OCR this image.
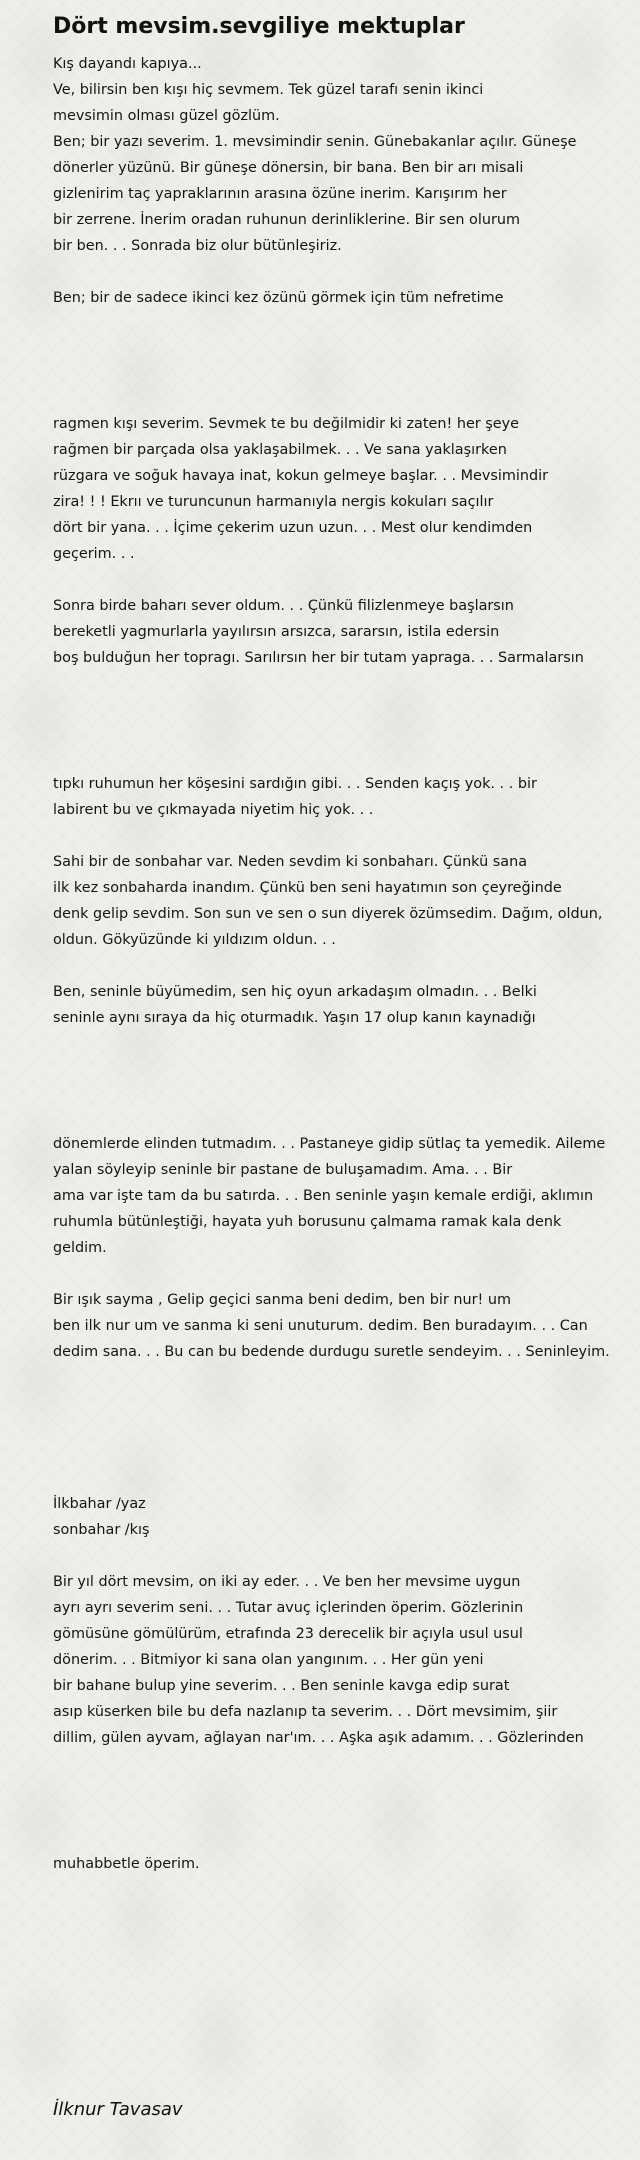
Dört mevsim.sevgiliye mektuplar

Kış dayandı kapıya...

Ve, bilirsin ben kışı hiç sevmem. Tek güzel tarafı senin ikinci

mevsimin olması güzel gözlüm.

Ben; bir yazı severim. 1. mevsimindir senin. Günebakanlar açılır. Güneşe

dönerler yüzünü. Bir güneşe dönersin, bir bana. Ben bir arı misali

gizlenirim taç yapraklarının arasına özüne inerim. Karışırım her

bir zerrene. İnerim oradan ruhunun derinliklerine. Bir sen olurum

bir ben. . . Sonrada biz olur bütünleşiriz.

Ben; bir de sadece ikinci kez özünü görmek için tüm nefretime

ragmen kışı severim. Sevmek te bu değilmidir ki zaten! her şeye

rağmen bir parçada olsa yaklaşabilmek. . . Ve sana yaklaşırken

rüzgara ve soğuk havaya inat, kokun gelmeye başlar. . . Mevsimindir

zira! ! ! Ekrıı ve turuncunun harmanıyla nergis kokuları saçılır

dört bir yana. . . İçime çekerim uzun uzun. . . Mest olur kendimden

geçerim. . .

Sonra birde baharı sever oldum. . . Çünkü filizlenmeye başlarsın

bereketli yagmurlarla yayılırsın arsızca, sararsın, istila edersin

boş bulduğun her topragı. Sarılırsın her bir tutam yapraga. . . Sarmalarsın

tıpkı ruhumun her köşesini sardığın gibi. . . Senden kaçış yok. . . bir

labirent bu ve çıkmayada niyetim hiç yok. . .

Sahi bir de sonbahar var. Neden sevdim ki sonbaharı. Çünkü sana

ilk kez sonbaharda inandım. Çünkü ben seni hayatımın son çeyreğinde

denk gelip sevdim. Son sun ve sen o sun diyerek özümsedim. Dağım, oldun,

oldun. Gökyüzünde ki yıldızım oldun. . .

Ben, seninle büyümedim, sen hiç oyun arkadaşım olmadın. . . Belki

seninle aynı sıraya da hiç oturmadık. Yaşın 17 olup kanın kaynadığı

dönemlerde elinden tutmadım. . . Pastaneye gidip sütlaç ta yemedik. Aileme

yalan söyleyip seninle bir pastane de buluşamadım. Ama. . . Bir

ama var işte tam da bu satırda. . . Ben seninle yaşın kemale erdiği, aklımın

ruhumla bütünleştiği, hayata yuh borusunu çalmama ramak kala denk

geldim.

Bir ışık sayma , Gelip geçici sanma beni dedim, ben bir nur! um

ben ilk nur um ve sanma ki seni unuturum. dedim. Ben buradayım. . . Can

dedim sana. . . Bu can bu bedende durdugu suretle sendeyim. . . Seninleyim.

İlkbahar /yaz

sonbahar /kış

Bir yıl dört mevsim, on iki ay eder. . . Ve ben her mevsime uygun

ayrı ayrı severim seni. . . Tutar avuç içlerinden öperim. Gözlerinin

gömüsüne gömülürüm, etrafında 23 derecelik bir açıyla usul usul

dönerim. . . Bitmiyor ki sana olan yangınım. . . Her gün yeni

bir bahane bulup yine severim. . . Ben seninle kavga edip surat

asıp küserken bile bu defa nazlanıp ta severim. . . Dört mevsimim, şiir

dillim, gülen ayvam, ağlayan nar'ım. . . Aşka aşık adamım. . . Gözlerinden

muhabbetle öperim.

İlknur Tavasav
